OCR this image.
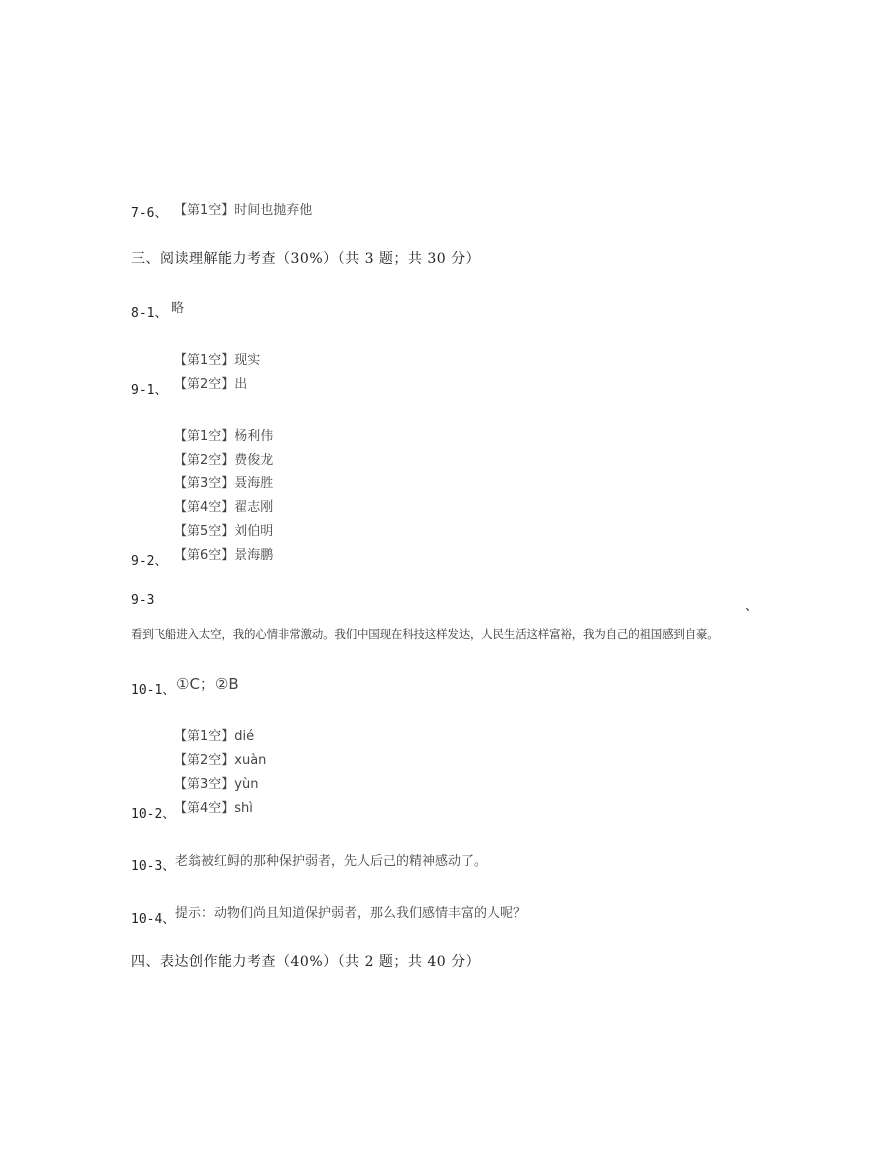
7-6、 【第1空】时间也抛弃他
三、阅读理解能力考查（30%）（共 3 题；共 30 分）
8-1、 略
【第1空】现实
【第2空】出
9-1、
【第1空】杨利伟
【第2空】费俊龙
【第3空】聂海胜
【第4空】翟志刚
【第5空】刘伯明
【第6空】景海鹏
9-2、
9-3	、
看到飞船进入太空，我的心情非常激动。我们中国现在科技这样发达，人民生活这样富裕，我为自己的祖国感到自豪。
10-1、 ①C；②B
【第1空】dié
【第2空】xuàn
【第3空】yùn
【第4空】shì
10-2、
10-3、 老翁被红鲟的那种保护弱者，先人后己的精神感动了。
10-4、 提示：动物们尚且知道保护弱者，那么我们感情丰富的人呢？
四、表达创作能力考查（40%）（共 2 题；共 40 分）
